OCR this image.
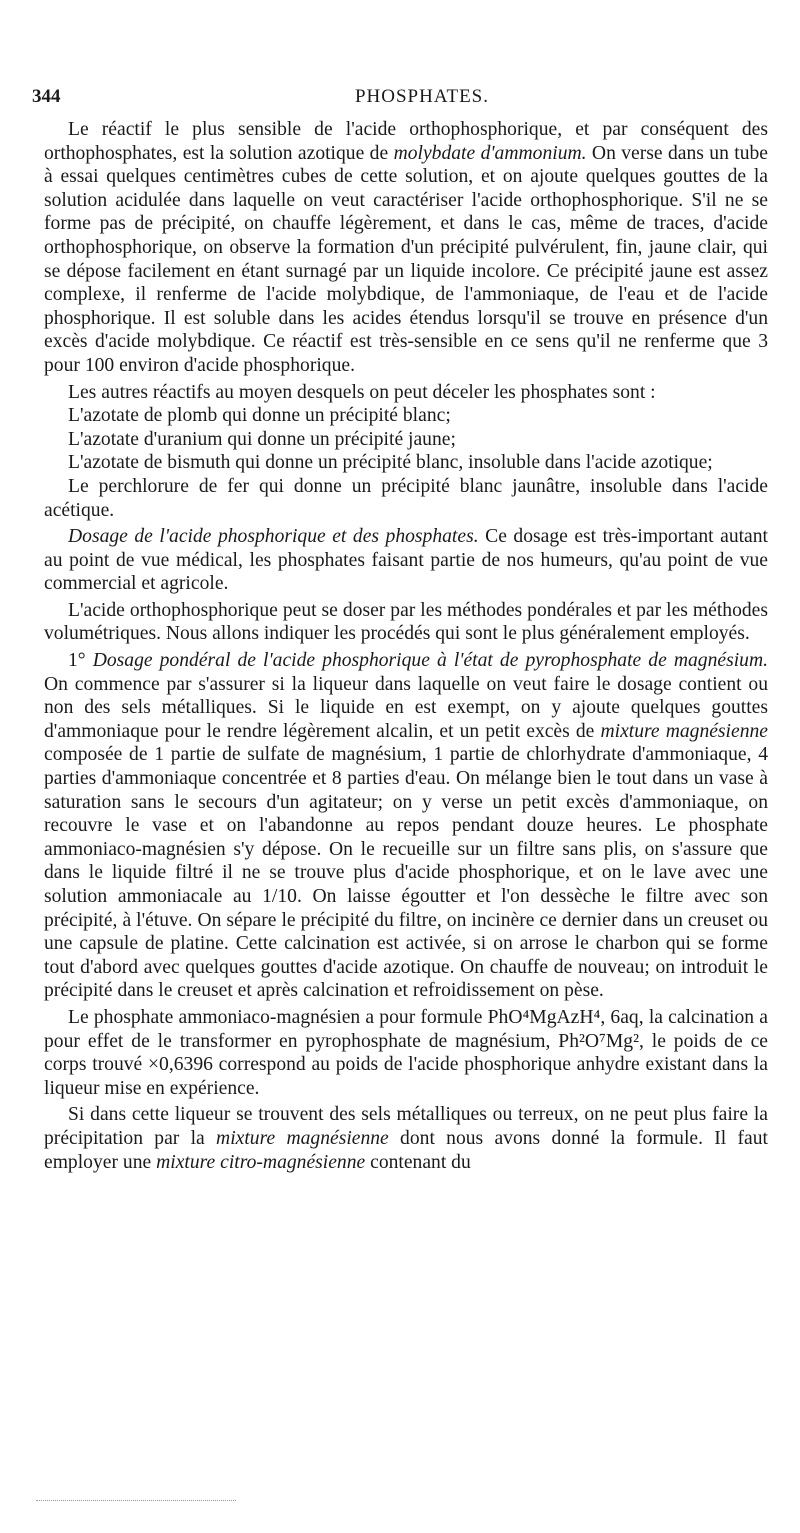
344	PHOSPHATES.

Le réactif le plus sensible de l'acide orthophosphorique, et par conséquent des orthophosphates, est la solution azotique de molybdate d'ammonium. On verse dans un tube à essai quelques centimètres cubes de cette solution, et on ajoute quelques gouttes de la solution acidulée dans laquelle on veut caractériser l'acide orthophosphorique. S'il ne se forme pas de précipité, on chauffe légèrement, et dans le cas, même de traces, d'acide orthophosphorique, on observe la formation d'un précipité pulvérulent, fin, jaune clair, qui se dépose facilement en étant surnagé par un liquide incolore. Ce précipité jaune est assez complexe, il renferme de l'acide molybdique, de l'ammoniaque, de l'eau et de l'acide phosphorique. Il est soluble dans les acides étendus lorsqu'il se trouve en présence d'un excès d'acide molybdique. Ce réactif est très-sensible en ce sens qu'il ne renferme que 3 pour 100 environ d'acide phosphorique.

Les autres réactifs au moyen desquels on peut déceler les phosphates sont :

L'azotate de plomb qui donne un précipité blanc;

L'azotate d'uranium qui donne un précipité jaune;

L'azotate de bismuth qui donne un précipité blanc, insoluble dans l'acide azotique;

Le perchlorure de fer qui donne un précipité blanc jaunâtre, insoluble dans l'acide acétique.

Dosage de l'acide phosphorique et des phosphates. Ce dosage est très-important autant au point de vue médical, les phosphates faisant partie de nos humeurs, qu'au point de vue commercial et agricole.

L'acide orthophosphorique peut se doser par les méthodes pondérales et par les méthodes volumétriques. Nous allons indiquer les procédés qui sont le plus généralement employés.

1° Dosage pondéral de l'acide phosphorique à l'état de pyrophosphate de magnésium. On commence par s'assurer si la liqueur dans laquelle on veut faire le dosage contient ou non des sels métalliques. Si le liquide en est exempt, on y ajoute quelques gouttes d'ammoniaque pour le rendre légèrement alcalin, et un petit excès de mixture magnésienne composée de 1 partie de sulfate de magnésium, 1 partie de chlorhydrate d'ammoniaque, 4 parties d'ammoniaque concentrée et 8 parties d'eau. On mélange bien le tout dans un vase à saturation sans le secours d'un agitateur; on y verse un petit excès d'ammoniaque, on recouvre le vase et on l'abandonne au repos pendant douze heures. Le phosphate ammoniaco-magnésien s'y dépose. On le recueille sur un filtre sans plis, on s'assure que dans le liquide filtré il ne se trouve plus d'acide phosphorique, et on le lave avec une solution ammoniacale au 1/10. On laisse égoutter et l'on dessèche le filtre avec son précipité, à l'étuve. On sépare le précipité du filtre, on incinère ce dernier dans un creuset ou une capsule de platine. Cette calcination est activée, si on arrose le charbon qui se forme tout d'abord avec quelques gouttes d'acide azotique. On chauffe de nouveau; on introduit le précipité dans le creuset et après calcination et refroidissement on pèse.

Le phosphate ammoniaco-magnésien a pour formule PhO⁴MgAzH⁴, 6aq, la calcination a pour effet de le transformer en pyrophosphate de magnésium, Ph²O⁷Mg², le poids de ce corps trouvé ×0,6396 correspond au poids de l'acide phosphorique anhydre existant dans la liqueur mise en expérience.

Si dans cette liqueur se trouvent des sels métalliques ou terreux, on ne peut plus faire la précipitation par la mixture magnésienne dont nous avons donné la formule. Il faut employer une mixture citro-magnésienne contenant du
